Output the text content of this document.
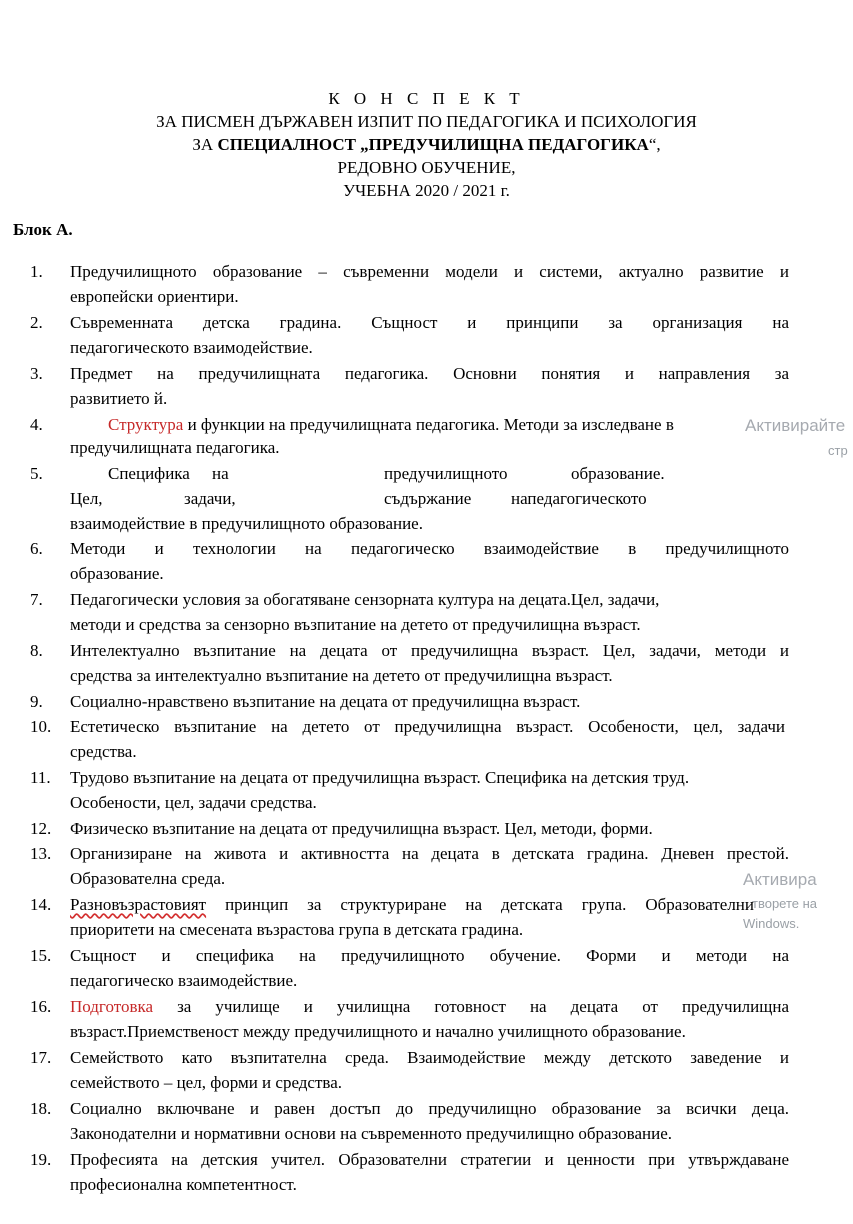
К О Н С П Е К Т
ЗА ПИСМЕН ДЪРЖАВЕН ИЗПИТ ПО ПЕДАГОГИКА И ПСИХОЛОГИЯ
ЗА СПЕЦИАЛНОСТ „ПРЕДУЧИЛИЩНА ПЕДАГОГИКА“,
РЕДОВНО ОБУЧЕНИЕ,
УЧЕБНА 2020 / 2021 г.
Блок А.
1.	Предучилищното образование – съвременни модели и системи, актуално развитие и
европейски ориентири.
2.	Съвременната детска градина. Същност и принципи за организация на
педагогическото взаимодействие.
3.	Предмет на предучилищната педагогика. Основни понятия и направления за
развитието й.
4.	Структура и функции на предучилищната педагогика. Методи за изследване в
предучилищната педагогика.
5.	Специфика на	предучилищното	образование.
Цел,	задачи,	съдържание напедагогическото
взаимодействие в предучилищното образование.
6.	Методи и технологии на педагогическо взаимодействие в предучилищното
образование.
7.	Педагогически условия за обогатяване сензорната култура на децата.Цел, задачи,
методи и средства за сензорно възпитание на детето от предучилищна възраст.
8.	Интелектуално възпитание на децата от предучилищна възраст. Цел, задачи, методи и
средства за интелектуално възпитание на детето от предучилищна възраст.
9.	Социално-нравствено възпитание на децата от предучилищна възраст.
10.	Естетическо възпитание на детето от предучилищна възраст. Особености, цел, задачи
средства.
11.	Трудово възпитание на децата от предучилищна възраст. Специфика на детския труд.
Особености, цел, задачи средства.
12.	Физическо възпитание на децата от предучилищна възраст. Цел, методи, форми.
13.	Организиране на живота и активността на децата в детската градина. Дневен престой.
Образователна среда.
14.	Разновъзрастовият принцип за структуриране на детската група. Образователни
приоритети на смесената възрастова група в детската градина.
15.	Същност и специфика на предучилищното обучение. Форми и методи на
педагогическо взаимодействие.
16.	Подготовка за училище и училищна готовност на децата от предучилищна
възраст.Приемственост между предучилищното и начално училищното образование.
17.	Семейството като възпитателна среда. Взаимодействие между детското заведение и
семейството – цел, форми и средства.
18.	Социално включване и равен достъп до предучилищно образование за всички деца.
Законодателни и нормативни основи на съвременното предучилищно образование.
19.	Професията на детския учител. Образователни стратегии и ценности при утвърждаване
професионална компетентност.
Активирайте
стр
Активира
творете на
Windows.
